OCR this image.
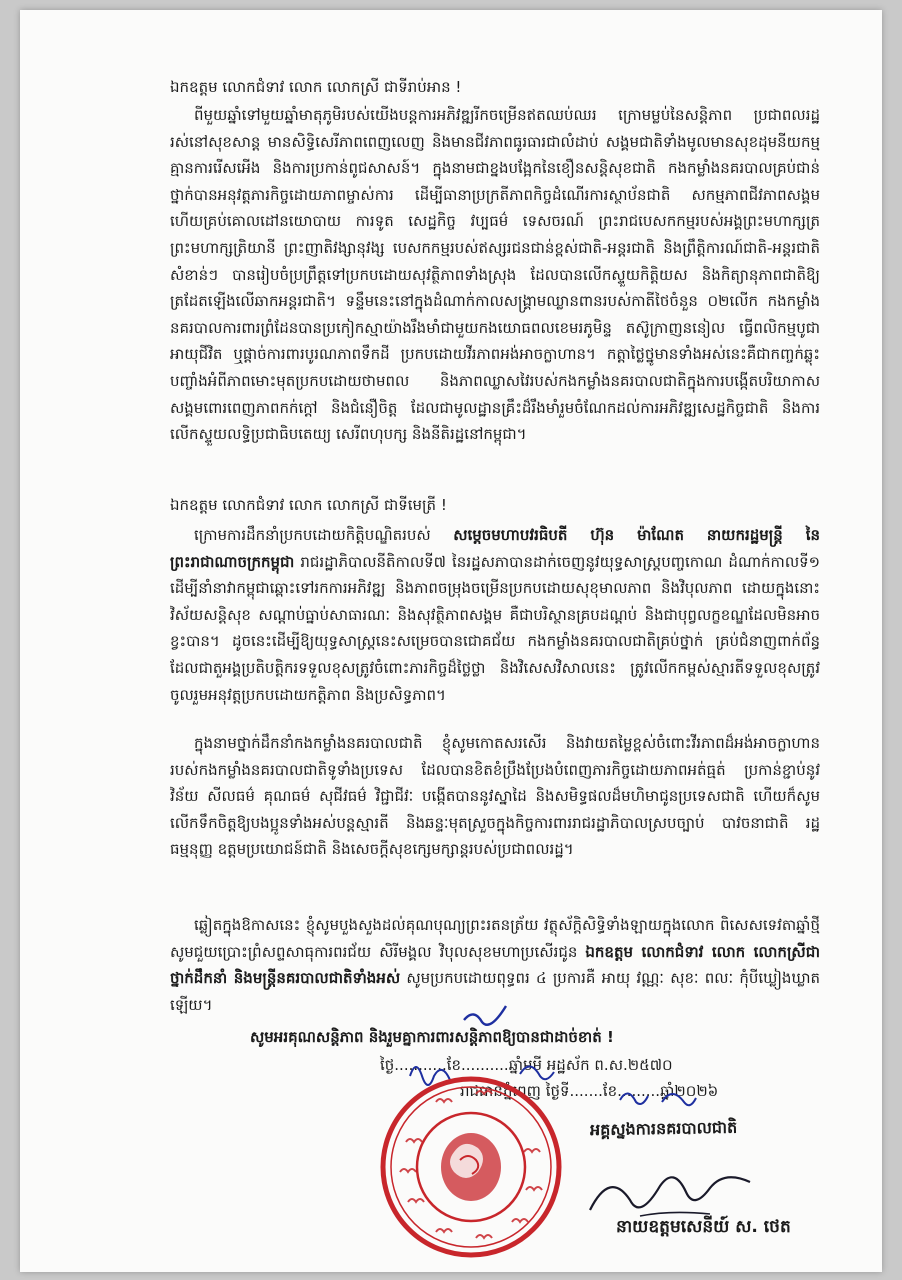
ឯកឧត្តម លោកជំទាវ លោក លោកស្រី ជាទីរាប់អាន !

ពីមួយឆ្នាំទៅមួយឆ្នាំមាតុភូមិរបស់យើងបន្តការអភិវឌ្ឍរីកចម្រើនឥតឈប់ឈរ ក្រោមម្លប់នៃសន្តិភាព ប្រជាពលរដ្ឋរស់នៅសុខសាន្ត មានសិទ្ធិសេរីភាពពេញលេញ និងមានជីវភាពធូរធារជាលំដាប់ សង្គមជាតិទាំងមូលមានសុខដុមនីយកម្ម គ្មានការរើសអើង និងការប្រកាន់ពូជសាសន៍។ ក្នុងនាមជាខ្នងបង្អែកនៃខឿនសន្តិសុខជាតិ កងកម្លាំងនគរបាលគ្រប់ជាន់ថ្នាក់បានអនុវត្តភារកិច្ចដោយភាពម្ចាស់ការ ដើម្បីធានាប្រក្រតីភាពកិច្ចដំណើរការស្ថាប័នជាតិ សកម្មភាពជីវភាពសង្គម ហើយគ្រប់គោលដៅនយោបាយ ការទូត សេដ្ឋកិច្ច វប្បធម៌ ទេសចរណ៍ ព្រះរាជបេសកកម្មរបស់អង្គព្រះមហាក្សត្រ ព្រះមហាក្សត្រិយានី ព្រះញាតិវង្សានុវង្ស បេសកកម្មរបស់ឥស្សរជនជាន់ខ្ពស់ជាតិ-អន្តរជាតិ និងព្រឹត្តិការណ៍ជាតិ-អន្តរជាតិសំខាន់ៗ បានរៀបចំប្រព្រឹត្តទៅប្រកបដោយសុវត្ថិភាពទាំងស្រុង ដែលបានលើកស្ទួយកិត្តិយស និងកិត្យានុភាពជាតិឱ្យត្រដែតឡើងលើឆាកអន្តរជាតិ។ ទន្ទឹមនេះនៅក្នុងដំណាក់កាលសង្គ្រាមឈ្លានពានរបស់កាតីថៃចំនួន ០២លើក កងកម្លាំងនគរបាលការពារព្រំដែនបានប្រកៀកស្មាយ៉ាងរឹងមាំជាមួយកងយោធពលខេមរភូមិន្ទ តស៊ូក្រាញននៀល ធ្វើពលិកម្មបូជាអាយុជីវិត ឬផ្តាច់ការពារបូរណភាពទឹកដី ប្រកបដោយវីរភាពអង់អាចក្លាហាន។ កត្តាថ្លៃថ្នូមានទាំងអស់នេះគឺជាកញ្ចក់ឆ្លុះបញ្ចាំងអំពីភាពមោះមុតប្រកបដោយថាមពល និងភាពឈ្លាសវៃរបស់កងកម្លាំងនគរបាលជាតិក្នុងការបង្កើតបរិយាកាសសង្គមពោរពេញភាពកក់ក្តៅ និងជំនឿចិត្ត ដែលជាមូលដ្ឋានគ្រឹះដ៏រឹងមាំរួមចំណែកដល់ការអភិវឌ្ឍសេដ្ឋកិច្ចជាតិ និងការលើកស្ទួយលទ្ធិប្រជាធិបតេយ្យ សេរីពហុបក្ស និងនីតិរដ្ឋនៅកម្ពុជា។

ឯកឧត្តម លោកជំទាវ លោក លោកស្រី ជាទីមេត្រី !

ក្រោមការដឹកនាំប្រកបដោយកិត្តិបណ្ឌិតរបស់ សម្តេចមហាបវរធិបតី ហ៊ុន ម៉ាណែត នាយករដ្ឋមន្ត្រី នៃព្រះរាជាណាចក្រកម្ពុជា រាជរដ្ឋាភិបាលនីតិកាលទី៧ នៃរដ្ឋសភាបានដាក់ចេញនូវយុទ្ធសាស្ត្របញ្ចកោណ ដំណាក់កាលទី១ ដើម្បីនាំនាវាកម្ពុជាឆ្ពោះទៅរកការអភិវឌ្ឍ និងភាពចម្រុងចម្រើនប្រកបដោយសុខុមាលភាព និងវិបុលភាព ដោយក្នុងនោះវិស័យសន្តិសុខ សណ្តាប់ធ្នាប់សាធារណៈ និងសុវត្ថិភាពសង្គម គឺជាបរិស្ថានគ្របដណ្តប់ និងជាបុព្វលក្ខខណ្ឌដែលមិនអាចខ្វះបាន។ ដូចនេះដើម្បីឱ្យយុទ្ធសាស្ត្រនេះសម្រេចបានជោគជ័យ កងកម្លាំងនគរបាលជាតិគ្រប់ថ្នាក់ គ្រប់ជំនាញពាក់ព័ន្ធ ដែលជាតួអង្គប្រតិបត្តិករទទួលខុសត្រូវចំពោះភារកិច្ចដ៏ថ្លៃថ្លា និងវិសេសវិសាលនេះ ត្រូវលើកកម្ពស់ស្មារតីទទួលខុសត្រូវ ចូលរួមអនុវត្តប្រកបដោយកត្តិភាព និងប្រសិទ្ធភាព។

ក្នុងនាមថ្នាក់ដឹកនាំកងកម្លាំងនគរបាលជាតិ ខ្ញុំសូមកោតសរសើរ និងវាយតម្លៃខ្ពស់ចំពោះវីរភាពដ៏អង់អាចក្លាហានរបស់កងកម្លាំងនគរបាលជាតិទូទាំងប្រទេស ដែលបានខិតខំប្រឹងប្រែងបំពេញភារកិច្ចដោយភាពអត់ធ្មត់ ប្រកាន់ខ្ជាប់នូវវិន័យ សីលធម៌ គុណធម៌ សុជីវធម៌ វិជ្ជាជីវៈ បង្កើតបាននូវស្នាដៃ និងសមិទ្ធផលដ៏មហិមាជូនប្រទេសជាតិ ហើយក៏សូមលើកទឹកចិត្តឱ្យបងប្អូនទាំងអស់បន្តស្មារតី និងឆន្ទៈមុតស្រួចក្នុងកិច្ចការពាររាជរដ្ឋាភិបាលស្របច្បាប់ បាវចនាជាតិ រដ្ឋធម្មនុញ្ញ ឧត្តមប្រយោជន៍ជាតិ និងសេចក្តីសុខក្សេមក្សាន្តរបស់ប្រជាពលរដ្ឋ។

ឆ្លៀតក្នុងឱកាសនេះ ខ្ញុំសូមបួងសួងដល់គុណបុណ្យព្រះរតនត្រ័យ វត្ថុស័ក្តិសិទ្ធិទាំងឡាយក្នុងលោក ពិសេសទេវតាឆ្នាំថ្មី សូមជួយប្រោះព្រំសព្ទសាធុការពរជ័យ សិរីមង្គល វិបុលសុខមហាប្រសើរជូន ឯកឧត្តម លោកជំទាវ លោក លោកស្រីជាថ្នាក់ដឹកនាំ និងមន្ត្រីនគរបាលជាតិទាំងអស់ សូមប្រកបដោយពុទ្ធពរ ៤ ប្រការគឺ អាយុ វណ្ណៈ សុខៈ ពលៈ កុំបីឃ្លៀងឃ្លាតឡើយ។

សូមអរគុណសន្តិភាព និងរួមគ្នាការពារសន្តិភាពឱ្យបានជាដាច់ខាត់ !

ថ្ងៃ...........ខែ..........ឆ្នាំមមី អដ្ឋស័ក ព.ស.២៥៧០
រាជធានីភ្នំពេញ ថ្ងៃទី.......ខែ.........ឆ្នាំ២០២៦
អគ្គស្នងការនគរបាលជាតិ
នាយឧត្តមសេនីយ៍ ស. ថេត
